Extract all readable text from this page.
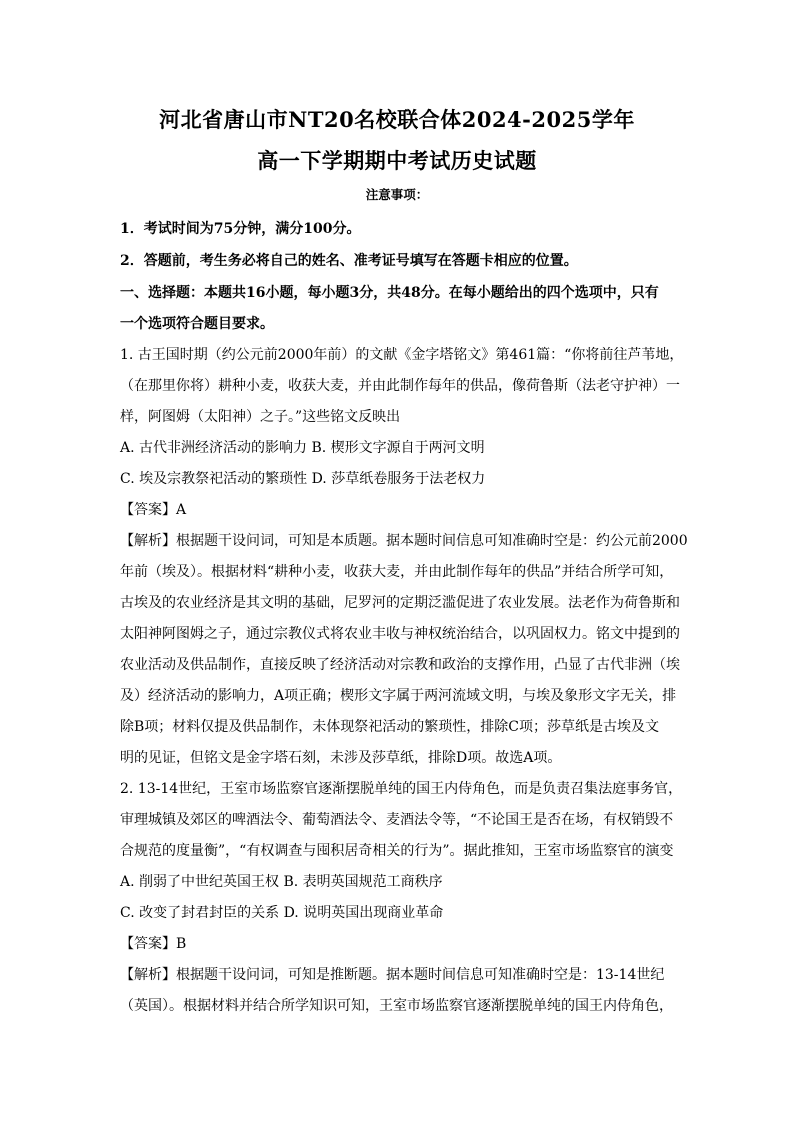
河北省唐山市NT20名校联合体2024-2025学年
高一下学期期中考试历史试题
注意事项：
1．考试时间为75分钟，满分100分。
2．答题前，考生务必将自己的姓名、准考证号填写在答题卡相应的位置。
一、选择题：本题共16小题，每小题3分，共48分。在每小题给出的四个选项中，只有
一个选项符合题目要求。
1. 古王国时期（约公元前2000年前）的文献《金字塔铭文》第461篇：“你将前往芦苇地，
（在那里你将）耕种小麦，收获大麦，并由此制作每年的供品，像荷鲁斯（法老守护神）一
样，阿图姆（太阳神）之子。”这些铭文反映出
A. 古代非洲经济活动的影响力 B. 楔形文字源自于两河文明
C. 埃及宗教祭祀活动的繁琐性 D. 莎草纸卷服务于法老权力
【答案】A
【解析】根据题干设问词，可知是本质题。据本题时间信息可知准确时空是：约公元前2000
年前（埃及）。根据材料“耕种小麦，收获大麦，并由此制作每年的供品”并结合所学可知，
古埃及的农业经济是其文明的基础，尼罗河的定期泛滥促进了农业发展。法老作为荷鲁斯和
太阳神阿图姆之子，通过宗教仪式将农业丰收与神权统治结合，以巩固权力。铭文中提到的
农业活动及供品制作，直接反映了经济活动对宗教和政治的支撑作用，凸显了古代非洲（埃
及）经济活动的影响力，A项正确；楔形文字属于两河流域文明，与埃及象形文字无关，排
除B项；材料仅提及供品制作，未体现祭祀活动的繁琐性，排除C项；莎草纸是古埃及文
明的见证，但铭文是金字塔石刻，未涉及莎草纸，排除D项。故选A项。
2. 13-14世纪，王室市场监察官逐渐摆脱单纯的国王内侍角色，而是负责召集法庭事务官，
审理城镇及郊区的啤酒法令、葡萄酒法令、麦酒法令等，“不论国王是否在场，有权销毁不
合规范的度量衡”，“有权调查与囤积居奇相关的行为”。据此推知，王室市场监察官的演变
A. 削弱了中世纪英国王权 B. 表明英国规范工商秩序
C. 改变了封君封臣的关系 D. 说明英国出现商业革命
【答案】B
【解析】根据题干设问词，可知是推断题。据本题时间信息可知准确时空是：13-14世纪
（英国）。根据材料并结合所学知识可知，王室市场监察官逐渐摆脱单纯的国王内侍角色，
